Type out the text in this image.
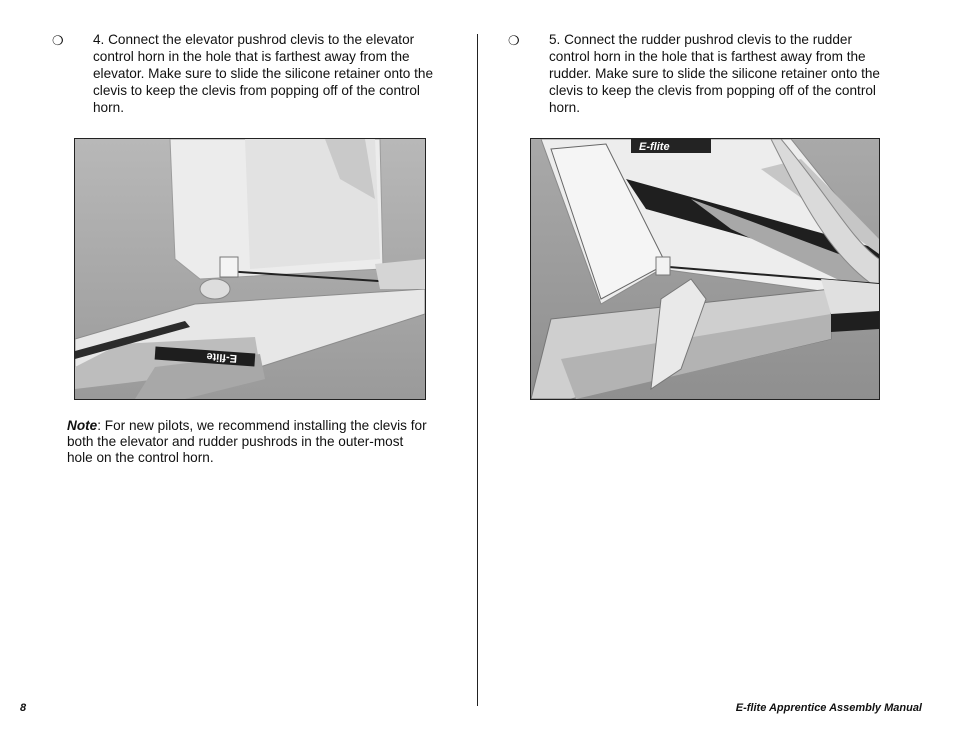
❍ 4. Connect the elevator pushrod clevis to the elevator control horn in the hole that is farthest away from the elevator. Make sure to slide the silicone retainer onto the clevis to keep the clevis from popping off of the control horn.
E-flite
Note: For new pilots, we recommend installing the clevis for both the elevator and rudder pushrods in the outer-most hole on the control horn.
❍ 5. Connect the rudder pushrod clevis to the rudder control horn in the hole that is farthest away from the rudder. Make sure to slide the silicone retainer onto the clevis to keep the clevis from popping off of the control horn.
E-flite
8	E-flite Apprentice Assembly Manual
